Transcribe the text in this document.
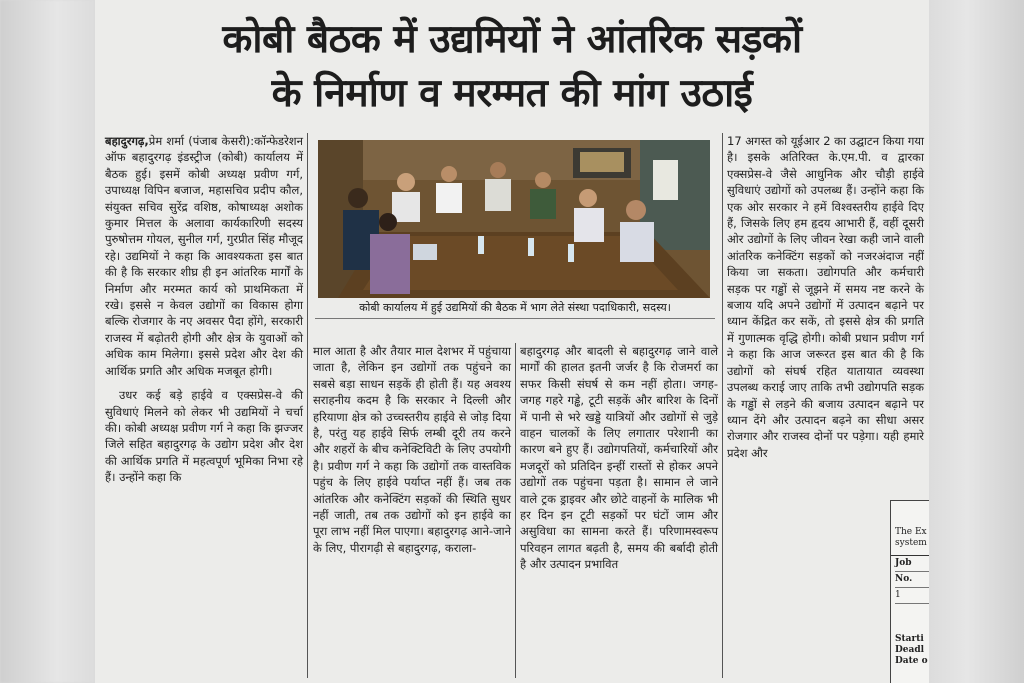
कोबी बैठक में उद्यमियों ने आंतरिक सड़कों
के निर्माण व मरम्मत की मांग उठाई

बहादुरगढ़,प्रेम शर्मा (पंजाब केसरी):कॉन्फेडरेशन ऑफ बहादुरगढ़ इंडस्ट्रीज (कोबी) कार्यालय में बैठक हुई। इसमें कोबी अध्यक्ष प्रवीण गर्ग, उपाध्यक्ष विपिन बजाज, महासचिव प्रदीप कौल, संयुक्त सचिव सुरेंद्र वशिष्ठ, कोषाध्यक्ष अशोक कुमार मित्तल के अलावा कार्यकारिणी सदस्य पुरुषोत्तम गोयल, सुनील गर्ग, गुरप्रीत सिंह मौजूद रहे। उद्यमियों ने कहा कि आवश्यकता इस बात की है कि सरकार शीघ्र ही इन आंतरिक मार्गों के निर्माण और मरम्मत कार्य को प्राथमिकता में रखे। इससे न केवल उद्योगों का विकास होगा बल्कि रोजगार के नए अवसर पैदा होंगे, सरकारी राजस्व में बढ़ोतरी होगी और क्षेत्र के युवाओं को अधिक काम मिलेगा। इससे प्रदेश और देश की आर्थिक प्रगति और अधिक मजबूत होगी।

उधर कई बड़े हाईवे व एक्सप्रेस-वे की सुविधाएं मिलने को लेकर भी उद्यमियों ने चर्चा की। कोबी अध्यक्ष प्रवीण गर्ग ने कहा कि झज्जर जिले सहित बहादुरगढ़ के उद्योग प्रदेश और देश की आर्थिक प्रगति में महत्वपूर्ण भूमिका निभा रहे हैं। उन्होंने कहा कि

कोबी कार्यालय में हुई उद्यमियों की बैठक में भाग लेते संस्था पदाधिकारी, सदस्य।
माल आता है और तैयार माल देशभर में पहुंचाया जाता है, लेकिन इन उद्योगों तक पहुंचने का सबसे बड़ा साधन सड़कें ही होती हैं। यह अवश्य सराहनीय कदम है कि सरकार ने दिल्ली और हरियाणा क्षेत्र को उच्चस्तरीय हाईवे से जोड़ दिया है, परंतु यह हाईवे सिर्फ लम्बी दूरी तय करने और शहरों के बीच कनेक्टिविटी के लिए उपयोगी है। प्रवीण गर्ग ने कहा कि उद्योगों तक वास्तविक पहुंच के लिए हाईवे पर्याप्त नहीं हैं। जब तक आंतरिक और कनेक्टिंग सड़कों की स्थिति सुधर नहीं जाती, तब तक उद्योगों को इन हाईवे का पूरा लाभ नहीं मिल पाएगा। बहादुरगढ़ आने-जाने के लिए, पीरागढ़ी से बहादुरगढ़, कराला-
बहादुरगढ़ और बादली से बहादुरगढ़ जाने वाले मार्गों की हालत इतनी जर्जर है कि रोजमर्रा का सफर किसी संघर्ष से कम नहीं होता। जगह-जगह गहरे गड्ढे, टूटी सड़कें और बारिश के दिनों में पानी से भरे खड्डे यात्रियों और उद्योगों से जुड़े वाहन चालकों के लिए लगातार परेशानी का कारण बने हुए हैं। उद्योगपतियों, कर्मचारियों और मजदूरों को प्रतिदिन इन्हीं रास्तों से होकर अपने उद्योगों तक पहुंचना पड़ता है। सामान ले जाने वाले ट्रक ड्राइवर और छोटे वाहनों के मालिक भी हर दिन इन टूटी सड़कों पर घंटों जाम और असुविधा का सामना करते हैं। परिणामस्वरूप परिवहन लागत बढ़ती है, समय की बर्बादी होती है और उत्पादन प्रभावित
17 अगस्त को यूईआर 2 का उद्घाटन किया गया है। इसके अतिरिक्त के.एम.पी. व द्वारका एक्सप्रेस-वे जैसे आधुनिक और चौड़ी हाईवे सुविधाएं उद्योगों को उपलब्ध हैं। उन्होंने कहा कि एक ओर सरकार ने हमें विश्वस्तरीय हाईवे दिए हैं, जिसके लिए हम हृदय आभारी हैं, वहीं दूसरी ओर उद्योगों के लिए जीवन रेखा कही जाने वाली आंतरिक कनेक्टिंग सड़कों को नजरअंदाज नहीं किया जा सकता। उद्योगपति और कर्मचारी सड़क पर गड्ढों से जूझने में समय नष्ट करने के बजाय यदि अपने उद्योगों में उत्पादन बढ़ाने पर ध्यान केंद्रित कर सकें, तो इससे क्षेत्र की प्रगति में गुणात्मक वृद्धि होगी। कोबी प्रधान प्रवीण गर्ग ने कहा कि आज जरूरत इस बात की है कि उद्योगों को संघर्ष रहित यातायात व्यवस्था उपलब्ध कराई जाए ताकि तभी उद्योगपति सड़क के गड्ढों से लड़ने की बजाय उत्पादन बढ़ाने पर ध्यान देंगे और उत्पादन बढ़ने का सीधा असर रोजगार और राजस्व दोनों पर पड़ेगा। यही हमारे प्रदेश और
The Ex
system
Job
No.
1
Starti
Deadl
Date o
